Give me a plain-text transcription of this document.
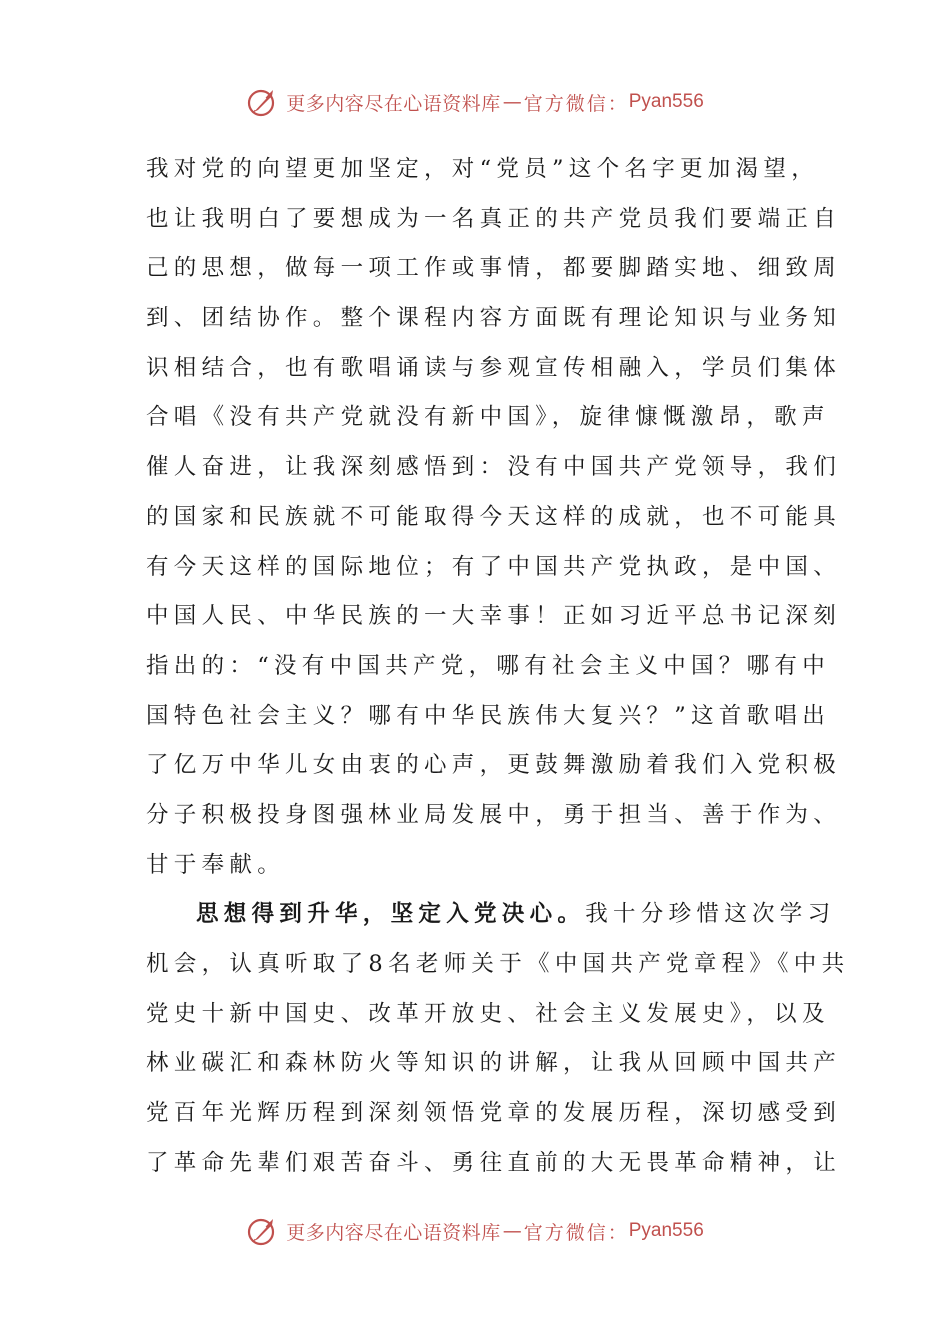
更多内容尽在心语资料库 — 官方微信： Pyan556
我对党的向望更加坚定，对“党员”这个名字更加渴望，
也让我明白了要想成为一名真正的共产党员我们要端正自
己的思想，做每一项工作或事情，都要脚踏实地、细致周
到、团结协作。整个课程内容方面既有理论知识与业务知
识相结合，也有歌唱诵读与参观宣传相融入，学员们集体
合唱《没有共产党就没有新中国》，旋律慷慨激昂，歌声
催人奋进，让我深刻感悟到：没有中国共产党领导，我们
的国家和民族就不可能取得今天这样的成就，也不可能具
有今天这样的国际地位；有了中国共产党执政，是中国、
中国人民、中华民族的一大幸事！正如习近平总书记深刻
指出的：“没有中国共产党，哪有社会主义中国？哪有中
国特色社会主义？哪有中华民族伟大复兴？”这首歌唱出
了亿万中华儿女由衷的心声，更鼓舞激励着我们入党积极
分子积极投身图强林业局发展中，勇于担当、善于作为、
甘于奉献。
思想得到升华，坚定入党决心。我十分珍惜这次学习
机会，认真听取了8名老师关于《中国共产党章程》《中共
党史十新中国史、改革开放史、社会主义发展史》，以及
林业碳汇和森林防火等知识的讲解，让我从回顾中国共产
党百年光辉历程到深刻领悟党章的发展历程，深切感受到
了革命先辈们艰苦奋斗、勇往直前的大无畏革命精神，让
更多内容尽在心语资料库 — 官方微信： Pyan556
